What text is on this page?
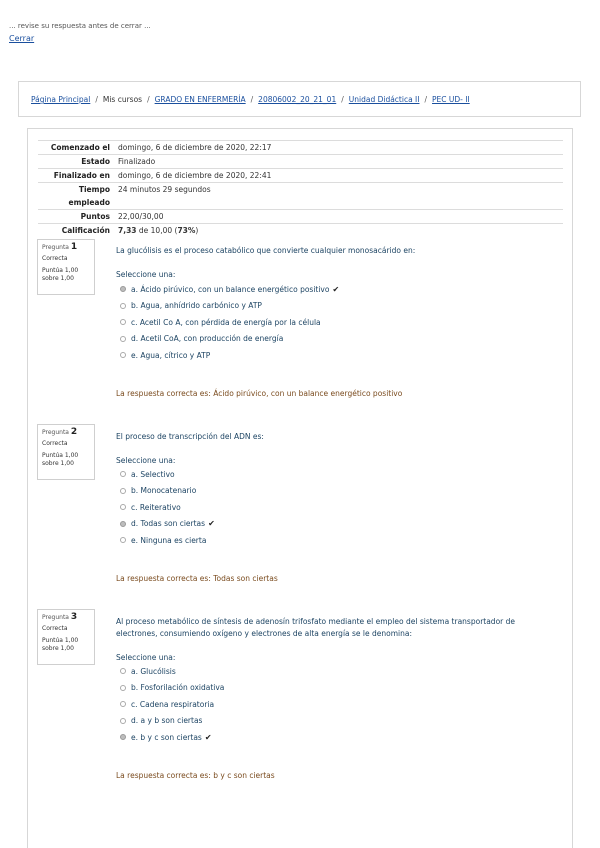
... revise su respuesta antes de cerrar ...
Cerrar
Página Principal / Mis cursos / GRADO EN ENFERMERÍA / 20806002_20_21_01 / Unidad Didáctica II / PEC UD- II
Comenzado el	domingo, 6 de diciembre de 2020, 22:17
Estado	Finalizado
Finalizado en	domingo, 6 de diciembre de 2020, 22:41
Tiempo empleado	24 minutos 29 segundos
Puntos	22,00/30,00
Calificación	7,33 de 10,00 (73%)
Pregunta 1
Correcta
Puntúa 1,00
sobre 1,00
La glucólisis es el proceso catabólico que convierte cualquier monosacárido en:
Seleccione una:
a. Ácido pirúvico, con un balance energético positivo ✔
b. Agua, anhídrido carbónico y ATP
c. Acetil Co A, con pérdida de energía por la célula
d. Acetil CoA, con producción de energía
e. Agua, cítrico y ATP
La respuesta correcta es: Ácido pirúvico, con un balance energético positivo
Pregunta 2
Correcta
Puntúa 1,00
sobre 1,00
El proceso de transcripción del ADN es:
Seleccione una:
a. Selectivo
b. Monocatenario
c. Reiterativo
d. Todas son ciertas ✔
e. Ninguna es cierta
La respuesta correcta es: Todas son ciertas
Pregunta 3
Correcta
Puntúa 1,00
sobre 1,00
Al proceso metabólico de síntesis de adenosín trifosfato mediante el empleo del sistema transportador de electrones, consumiendo oxígeno y electrones de alta energía se le denomina:
Seleccione una:
a. Glucólisis
b. Fosforilación oxidativa
c. Cadena respiratoria
d. a y b son ciertas
e. b y c son ciertas ✔
La respuesta correcta es: b y c son ciertas
